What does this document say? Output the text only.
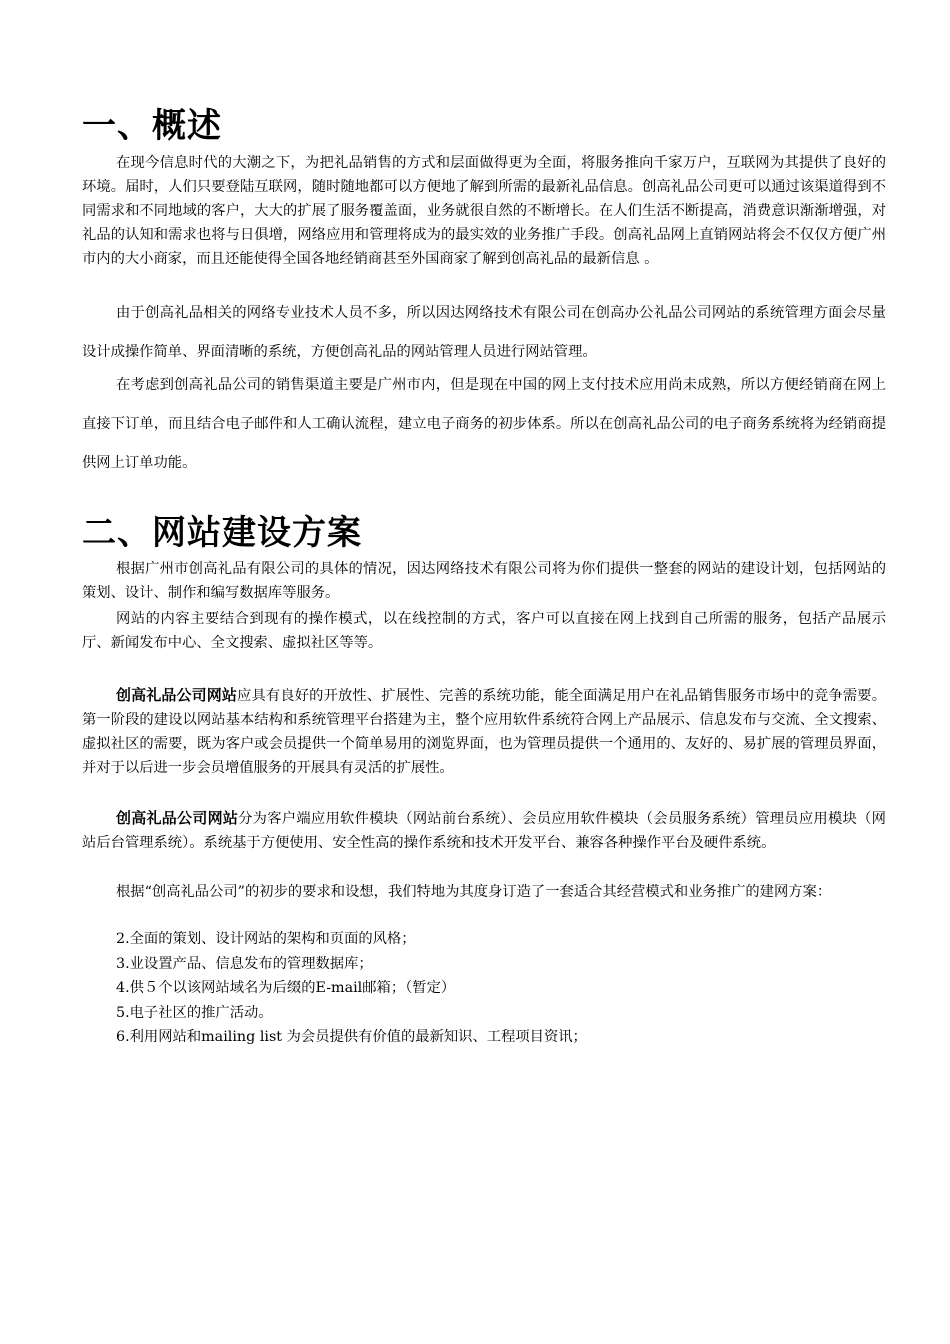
一、概述

在现今信息时代的大潮之下，为把礼品销售的方式和层面做得更为全面，将服务推向千家万户，互联网为其提供了良好的环境。届时，人们只要登陆互联网，随时随地都可以方便地了解到所需的最新礼品信息。创高礼品公司更可以通过该渠道得到不同需求和不同地域的客户，大大的扩展了服务覆盖面，业务就很自然的不断增长。在人们生活不断提高，消费意识渐渐增强，对礼品的认知和需求也将与日俱增，网络应用和管理将成为的最实效的业务推广手段。创高礼品网上直销网站将会不仅仅方便广州市内的大小商家，而且还能使得全国各地经销商甚至外国商家了解到创高礼品的最新信息 。

由于创高礼品相关的网络专业技术人员不多，所以因达网络技术有限公司在创高办公礼品公司网站的系统管理方面会尽量设计成操作简单、界面清晰的系统，方便创高礼品的网站管理人员进行网站管理。

在考虑到创高礼品公司的销售渠道主要是广州市内，但是现在中国的网上支付技术应用尚未成熟，所以方便经销商在网上直接下订单，而且结合电子邮件和人工确认流程，建立电子商务的初步体系。所以在创高礼品公司的电子商务系统将为经销商提供网上订单功能。

二、网站建设方案

根据广州市创高礼品有限公司的具体的情况，因达网络技术有限公司将为你们提供一整套的网站的建设计划，包括网站的策划、设计、制作和编写数据库等服务。

网站的内容主要结合到现有的操作模式，以在线控制的方式，客户可以直接在网上找到自己所需的服务，包括产品展示厅、新闻发布中心、全文搜索、虚拟社区等等。

创高礼品公司网站应具有良好的开放性、扩展性、完善的系统功能，能全面满足用户在礼品销售服务市场中的竞争需要。第一阶段的建设以网站基本结构和系统管理平台搭建为主，整个应用软件系统符合网上产品展示、信息发布与交流、全文搜索、虚拟社区的需要，既为客户或会员提供一个简单易用的浏览界面，也为管理员提供一个通用的、友好的、易扩展的管理员界面，并对于以后进一步会员增值服务的开展具有灵活的扩展性。

创高礼品公司网站分为客户端应用软件模块（网站前台系统）、会员应用软件模块（会员服务系统）管理员应用模块（网站后台管理系统）。系统基于方便使用、安全性高的操作系统和技术开发平台、兼容各种操作平台及硬件系统。

根据“创高礼品公司”的初步的要求和设想，我们特地为其度身订造了一套适合其经营模式和业务推广的建网方案：

2.全面的策划、设计网站的架构和页面的风格；
3.业设置产品、信息发布的管理数据库；
4.供５个以该网站域名为后缀的E-mail邮箱；（暂定）
5.电子社区的推广活动。
6.利用网站和mailing list 为会员提供有价值的最新知识、工程项目资讯；
